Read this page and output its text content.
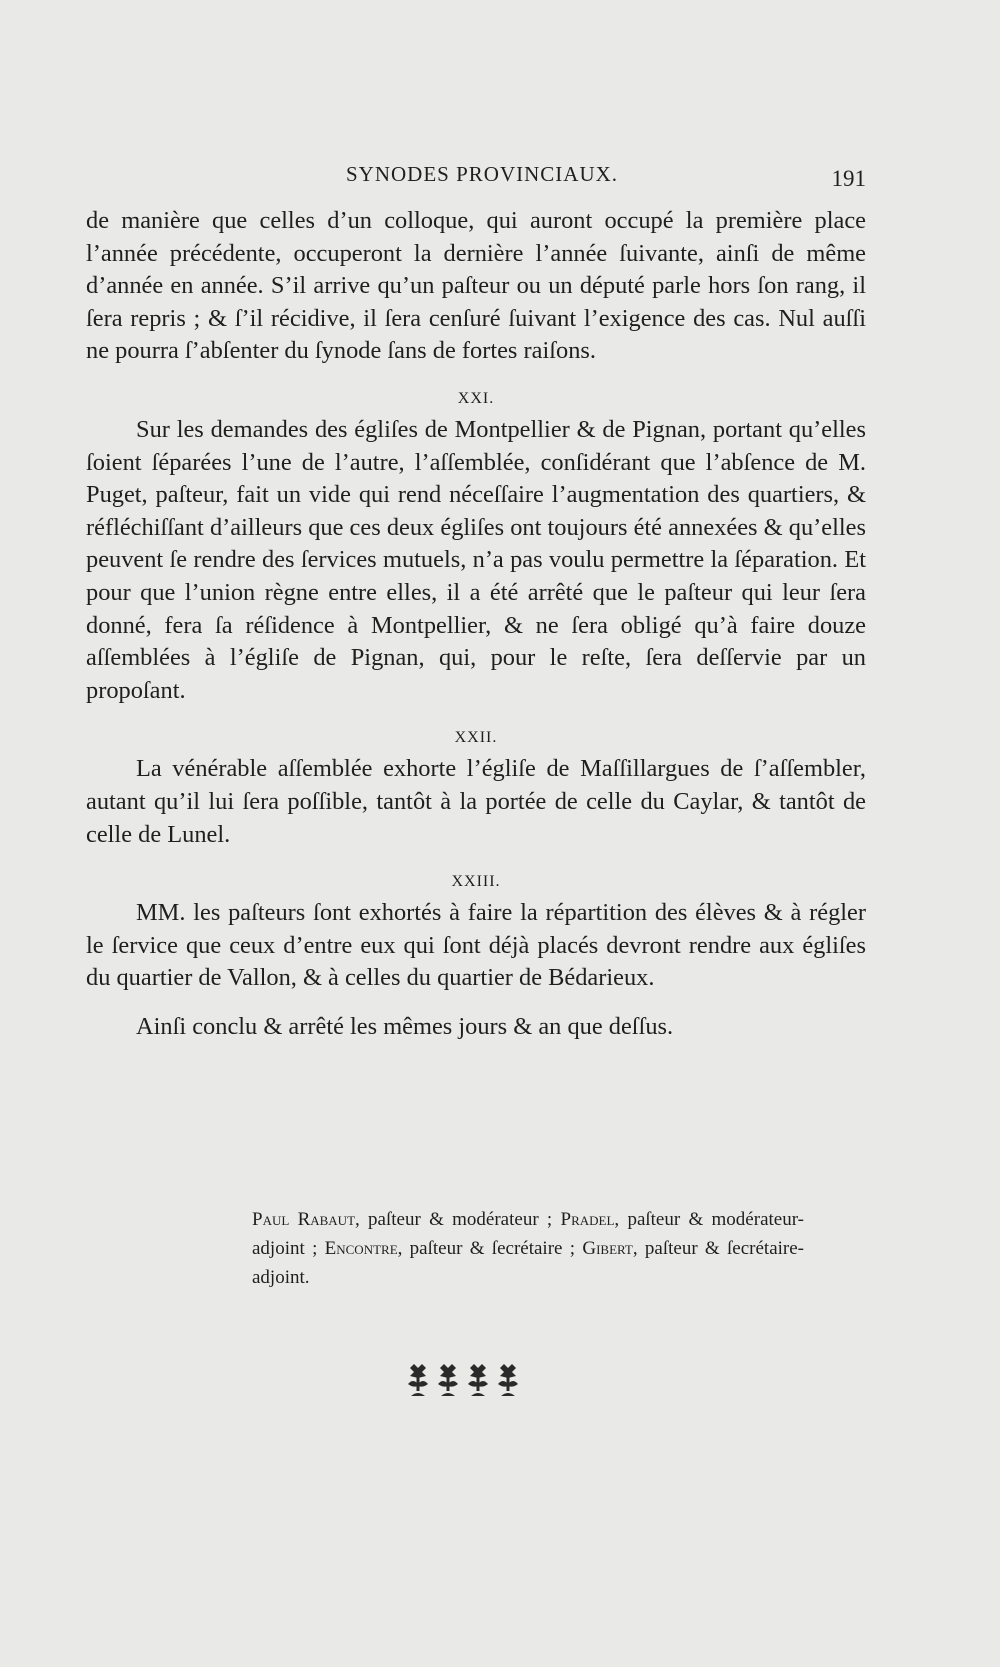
SYNODES PROVINCIAUX.	191

de manière que celles d’un colloque, qui auront occupé la première place l’année précédente, occuperont la dernière l’année ſuivante, ainſi de même d’année en année. S’il arrive qu’un paſteur ou un député parle hors ſon rang, il ſera repris ; & ſ’il récidive, il ſera cenſuré ſuivant l’exigence des cas. Nul auſſi ne pourra ſ’abſenter du ſynode ſans de fortes raiſons.

XXI.

Sur les demandes des égliſes de Montpellier & de Pignan, portant qu’elles ſoient ſéparées l’une de l’autre, l’aſſemblée, conſidérant que l’abſence de M. Puget, paſteur, fait un vide qui rend néceſſaire l’augmentation des quartiers, & réfléchiſſant d’ailleurs que ces deux égliſes ont toujours été annexées & qu’elles peuvent ſe rendre des ſervices mutuels, n’a pas voulu permettre la ſéparation. Et pour que l’union règne entre elles, il a été arrêté que le paſteur qui leur ſera donné, fera ſa réſidence à Montpellier, & ne ſera obligé qu’à faire douze aſſemblées à l’égliſe de Pignan, qui, pour le reſte, ſera deſſervie par un propoſant.

XXII.

La vénérable aſſemblée exhorte l’égliſe de Maſſillargues de ſ’aſſembler, autant qu’il lui ſera poſſible, tantôt à la portée de celle du Caylar, & tantôt de celle de Lunel.

XXIII.

MM. les paſteurs ſont exhortés à faire la répartition des élèves & à régler le ſervice que ceux d’entre eux qui ſont déjà placés devront rendre aux égliſes du quartier de Vallon, & à celles du quartier de Bédarieux.

Ainſi conclu & arrêté les mêmes jours & an que deſſus.

Paul Rabaut, paſteur & modérateur ; Pradel, paſteur & modérateur-adjoint ; Encontre, paſteur & ſecrétaire ; Gibert, paſteur & ſecrétaire-adjoint.
